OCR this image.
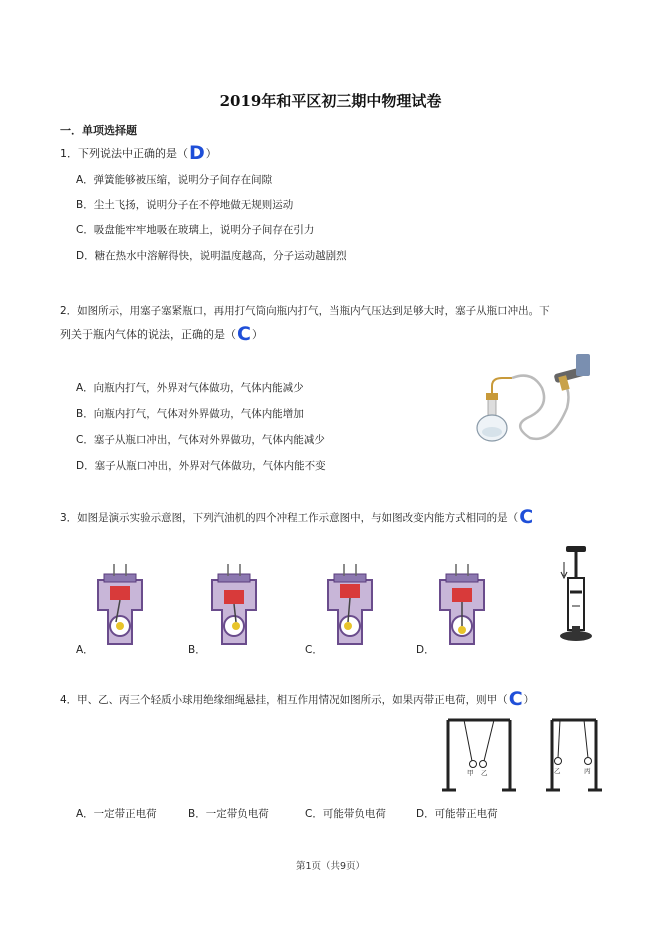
2019年和平区初三期中物理试卷
一．单项选择题
1．下列说法中正确的是（D）
A．弹簧能够被压缩，说明分子间存在间隙
B．尘土飞扬，说明分子在不停地做无规则运动
C．吸盘能牢牢地吸在玻璃上，说明分子间存在引力
D．糖在热水中溶解得快，说明温度越高，分子运动越剧烈
2．如图所示，用塞子塞紧瓶口，再用打气筒向瓶内打气，当瓶内气压达到足够大时，塞子从瓶口冲出。下
列关于瓶内气体的说法，正确的是（C）
A．向瓶内打气，外界对气体做功，气体内能减少
B．向瓶内打气，气体对外界做功，气体内能增加
C．塞子从瓶口冲出，气体对外界做功，气体内能减少
D．塞子从瓶口冲出，外界对气体做功，气体内能不变
3．如图是演示实验示意图，下列汽油机的四个冲程工作示意图中，与如图改变内能方式相同的是（C
A．	B．	C．	D．
4．甲、乙、丙三个轻质小球用绝缘细绳悬挂，相互作用情况如图所示，如果丙带正电荷，则甲（C）
甲 乙	乙	丙
A．一定带正电荷	B．一定带负电荷	C．可能带负电荷	D．可能带正电荷
第1页（共9页）
